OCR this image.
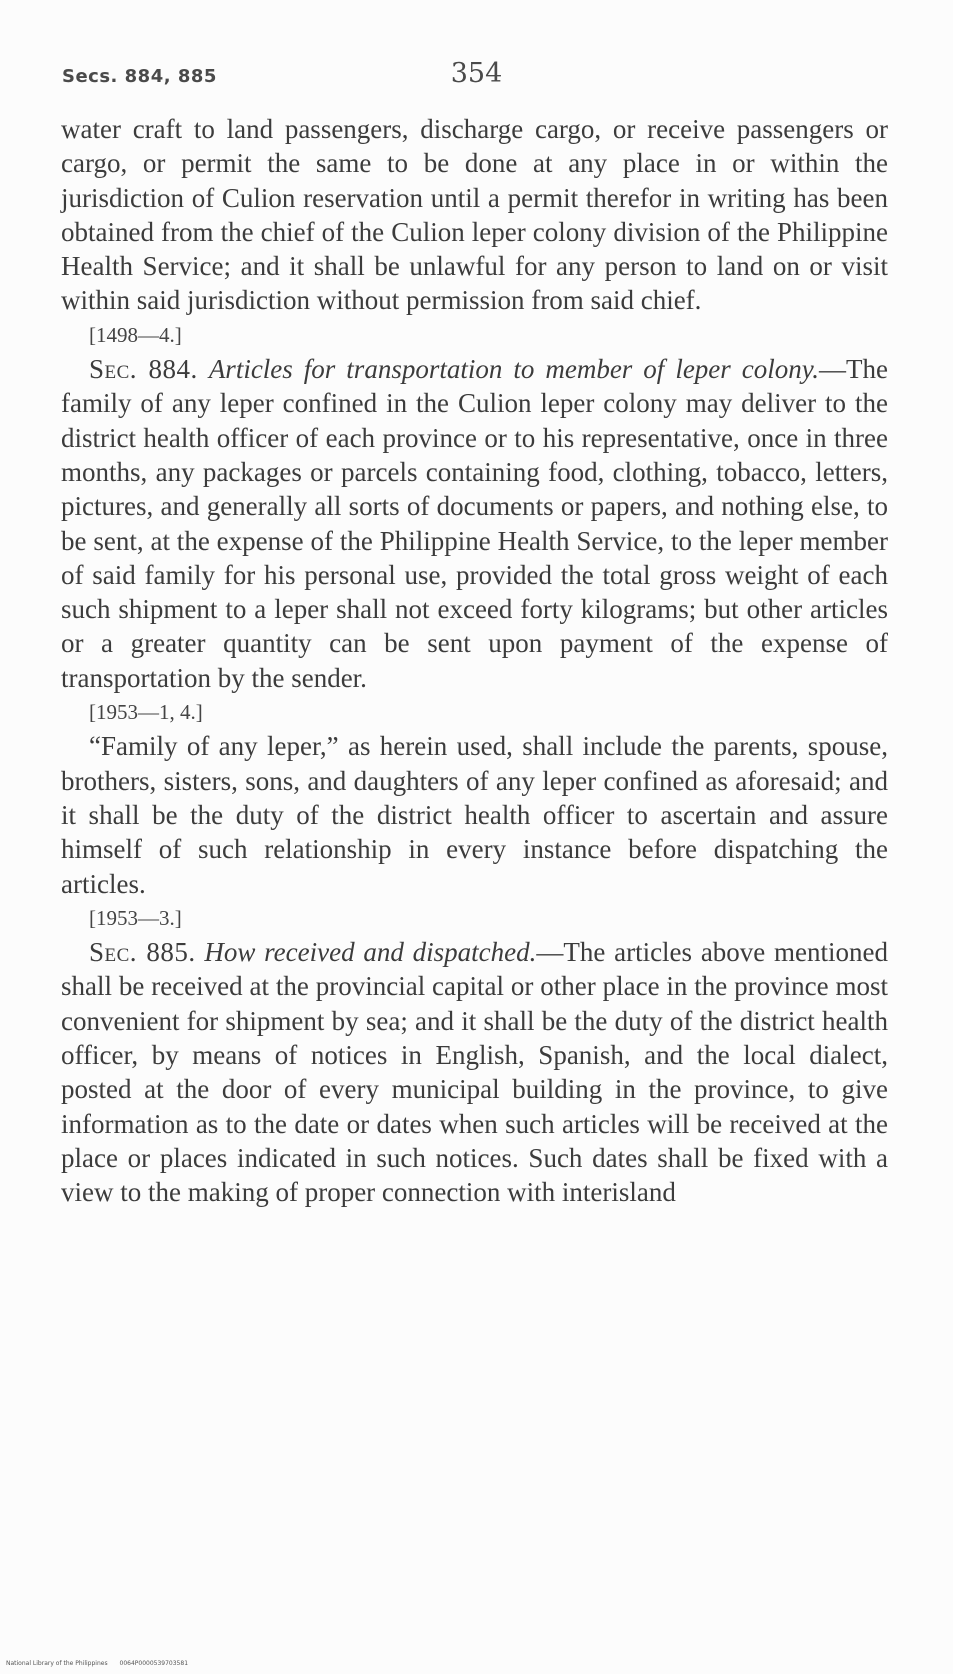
Secs. 884, 885	354

water craft to land passengers, discharge cargo, or receive passengers or cargo, or permit the same to be done at any place in or within the jurisdiction of Culion reservation until a permit therefor in writing has been obtained from the chief of the Culion leper colony division of the Philippine Health Service; and it shall be unlawful for any person to land on or visit within said jurisdiction without permission from said chief.

[1498—4.]

Sec. 884. Articles for transportation to member of leper colony.—The family of any leper confined in the Culion leper colony may deliver to the district health officer of each province or to his representative, once in three months, any packages or parcels containing food, clothing, tobacco, letters, pictures, and generally all sorts of documents or papers, and nothing else, to be sent, at the expense of the Philippine Health Service, to the leper member of said family for his personal use, provided the total gross weight of each such shipment to a leper shall not exceed forty kilograms; but other articles or a greater quantity can be sent upon payment of the expense of transportation by the sender.

[1953—1, 4.]

“Family of any leper,” as herein used, shall include the parents, spouse, brothers, sisters, sons, and daughters of any leper confined as aforesaid; and it shall be the duty of the district health officer to ascertain and assure himself of such relationship in every instance before dispatching the articles.

[1953—3.]

Sec. 885. How received and dispatched.—The articles above mentioned shall be received at the provincial capital or other place in the province most convenient for shipment by sea; and it shall be the duty of the district health officer, by means of notices in English, Spanish, and the local dialect, posted at the door of every municipal building in the province, to give information as to the date or dates when such articles will be received at the place or places indicated in such notices. Such dates shall be fixed with a view to the making of proper connection with interisland

National Library of the Philippines 0064P0000539703581
